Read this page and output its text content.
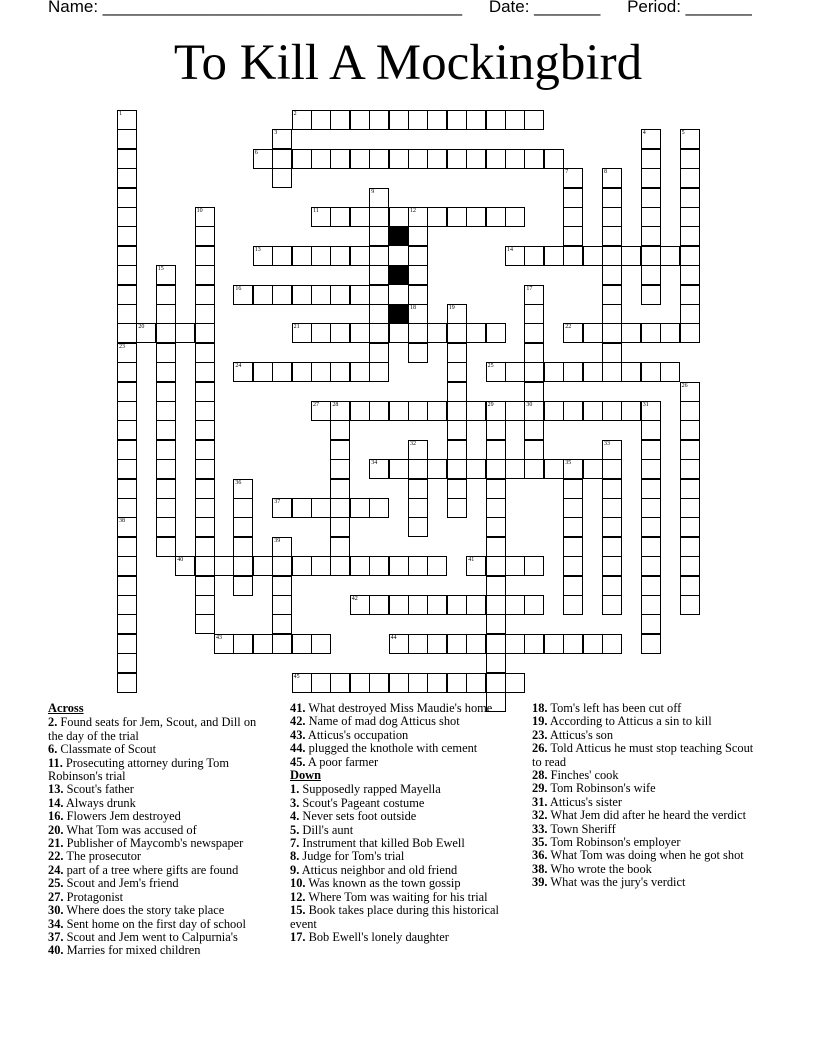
Name: ______________________________________ Date: _______ Period: _______
To Kill A Mockingbird
1
23
38
2
3	4	5
6
7	8
9
10	11	12
18
13	14
15
16	17
30
19
20	21	22
24	25
26
27 28	29	31
32	33
34	35
36
37
39
40	41
42
43	44
45
Across
2. Found seats for Jem, Scout, and Dill on the day of the trial
6. Classmate of Scout
11. Prosecuting attorney during Tom Robinson's trial
13. Scout's father
14. Always drunk
16. Flowers Jem destroyed
20. What Tom was accused of
21. Publisher of Maycomb's newspaper
22. The prosecutor
24. part of a tree where gifts are found
25. Scout and Jem's friend
27. Protagonist
30. Where does the story take place
34. Sent home on the first day of school
37. Scout and Jem went to Calpurnia's
40. Marries for mixed children
41. What destroyed Miss Maudie's home
42. Name of mad dog Atticus shot
43. Atticus's occupation
44. plugged the knothole with cement
45. A poor farmer
Down
1. Supposedly rapped Mayella
3. Scout's Pageant costume
4. Never sets foot outside
5. Dill's aunt
7. Instrument that killed Bob Ewell
8. Judge for Tom's trial
9. Atticus neighbor and old friend
10. Was known as the town gossip
12. Where Tom was waiting for his trial
15. Book takes place during this historical event
17. Bob Ewell's lonely daughter
18. Tom's left has been cut off
19. According to Atticus a sin to kill
23. Atticus's son
26. Told Atticus he must stop teaching Scout to read
28. Finches' cook
29. Tom Robinson's wife
31. Atticus's sister
32. What Jem did after he heard the verdict
33. Town Sheriff
35. Tom Robinson's employer
36. What Tom was doing when he got shot
38. Who wrote the book
39. What was the jury's verdict
